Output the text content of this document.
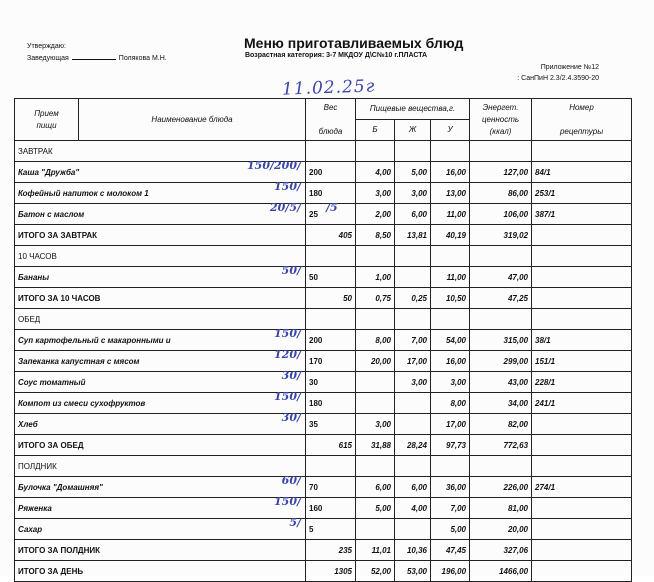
Утверждаю:
Заведующая	Полякова М.Н.
Меню приготавливаемых блюд
Возрастная категория: 3-7 МКДОУ Д\С№10 г.ПЛАСТА
Приложение №12
: СанПиН 2.3/2.4.3590-20
11.02.25г
Прием
пищи	Наименование блюда	Вес

блюда	Пищевые вещества,г.			Энергет.
ценность
(ккал)	Номер

рецептуры
			Б	Ж	У		
ЗАВТРАК							
Каша "Дружба" 150/200/		200	4,00	5,00	16,00	127,00	84/1
Кофейный напиток с молоком 1 150/		180	3,00	3,00	13,00	86,00	253/1
Батон с маслом 20/5/		25 /5	2,00	6,00	11,00	106,00	387/1
ИТОГО ЗА ЗАВТРАК		405	8,50	13,81	40,19	319,02	
10 ЧАСОВ							
Бананы 50/		50	1,00		11,00	47,00	
ИТОГО ЗА 10 ЧАСОВ		50	0,75	0,25	10,50	47,25	
ОБЕД							
Суп картофельный с макаронными и 150/		200	8,00	7,00	54,00	315,00	38/1
Запеканка капустная с мясом 120/		170	20,00	17,00	16,00	299,00	151/1
Соус томатный 30/		30		3,00	3,00	43,00	228/1
Компот из смеси сухофруктов 150/		180			8,00	34,00	241/1
Хлеб 30/		35	3,00		17,00	82,00	
ИТОГО ЗА ОБЕД		615	31,88	28,24	97,73	772,63	
ПОЛДНИК							
Булочка "Домашняя" 60/		70	6,00	6,00	36,00	226,00	274/1
Ряженка 150/		160	5,00	4,00	7,00	81,00	
Сахар 5/		5			5,00	20,00	
ИТОГО ЗА ПОЛДНИК		235	11,01	10,36	47,45	327,06	
ИТОГО ЗА ДЕНЬ		1305	52,00	53,00	196,00	1466,00	
